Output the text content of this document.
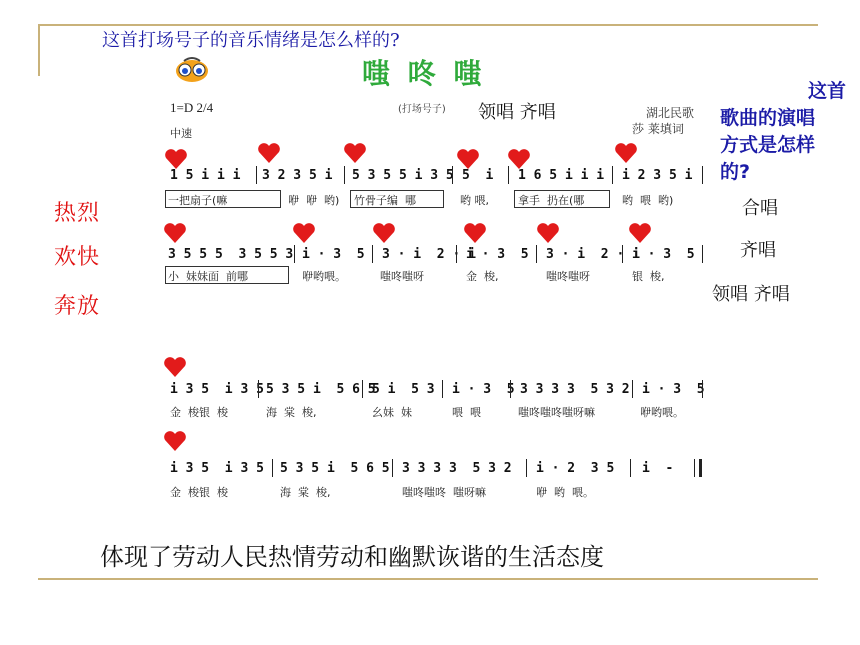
这首打场号子的音乐情绪是怎么样的?
嗤 咚 嗤
1=D 2/4
中速
(打场号子) 领唱 齐唱	湖北民歌
莎 莱填词
这首
歌曲的演唱
方式是怎样
的?
合唱
齐唱
领唱 齐唱
热烈
欢快
奔放
1 5 i i i 3 2 3 5 i 5 3 5 5 i 3 5 5  i 1 6 5 i i i i 2 3 5 i
一把扇子(嘛	咿  咿  哟) 竹骨子编  哪	哟 喂,	拿手  扔在(哪	哟  喂  哟)
3 5 5 5  3 5 5 3 i · 3  5 3 · i  2 · i
i · 3  5 3 · i  2 · i
i · 3  5
小  妹妹面  前哪	咿哟喂。	嗤咚嗤呀	金  梭,	嗤咚嗤呀	银  梭,
i 3 5  i 3 5 5 3 5 i  5 6 5
5 i  5 3 i · 3  5 3 3 3 3  5 3 2 i · 3  5
金  梭银  梭	海  棠  梭,	幺妹  妹	喂  喂	嗤咚嗤咚嗤呀嘛	咿哟喂。
i 3 5  i 3 5 5 3 5 i  5 6 5 3 3 3 3  5 3 2 i · 2  3 5 i  -
金  梭银  梭	海  棠  梭,	嗤咚嗤咚  嗤呀嘛	咿  哟  喂。
体现了劳动人民热情劳动和幽默诙谐的生活态度
